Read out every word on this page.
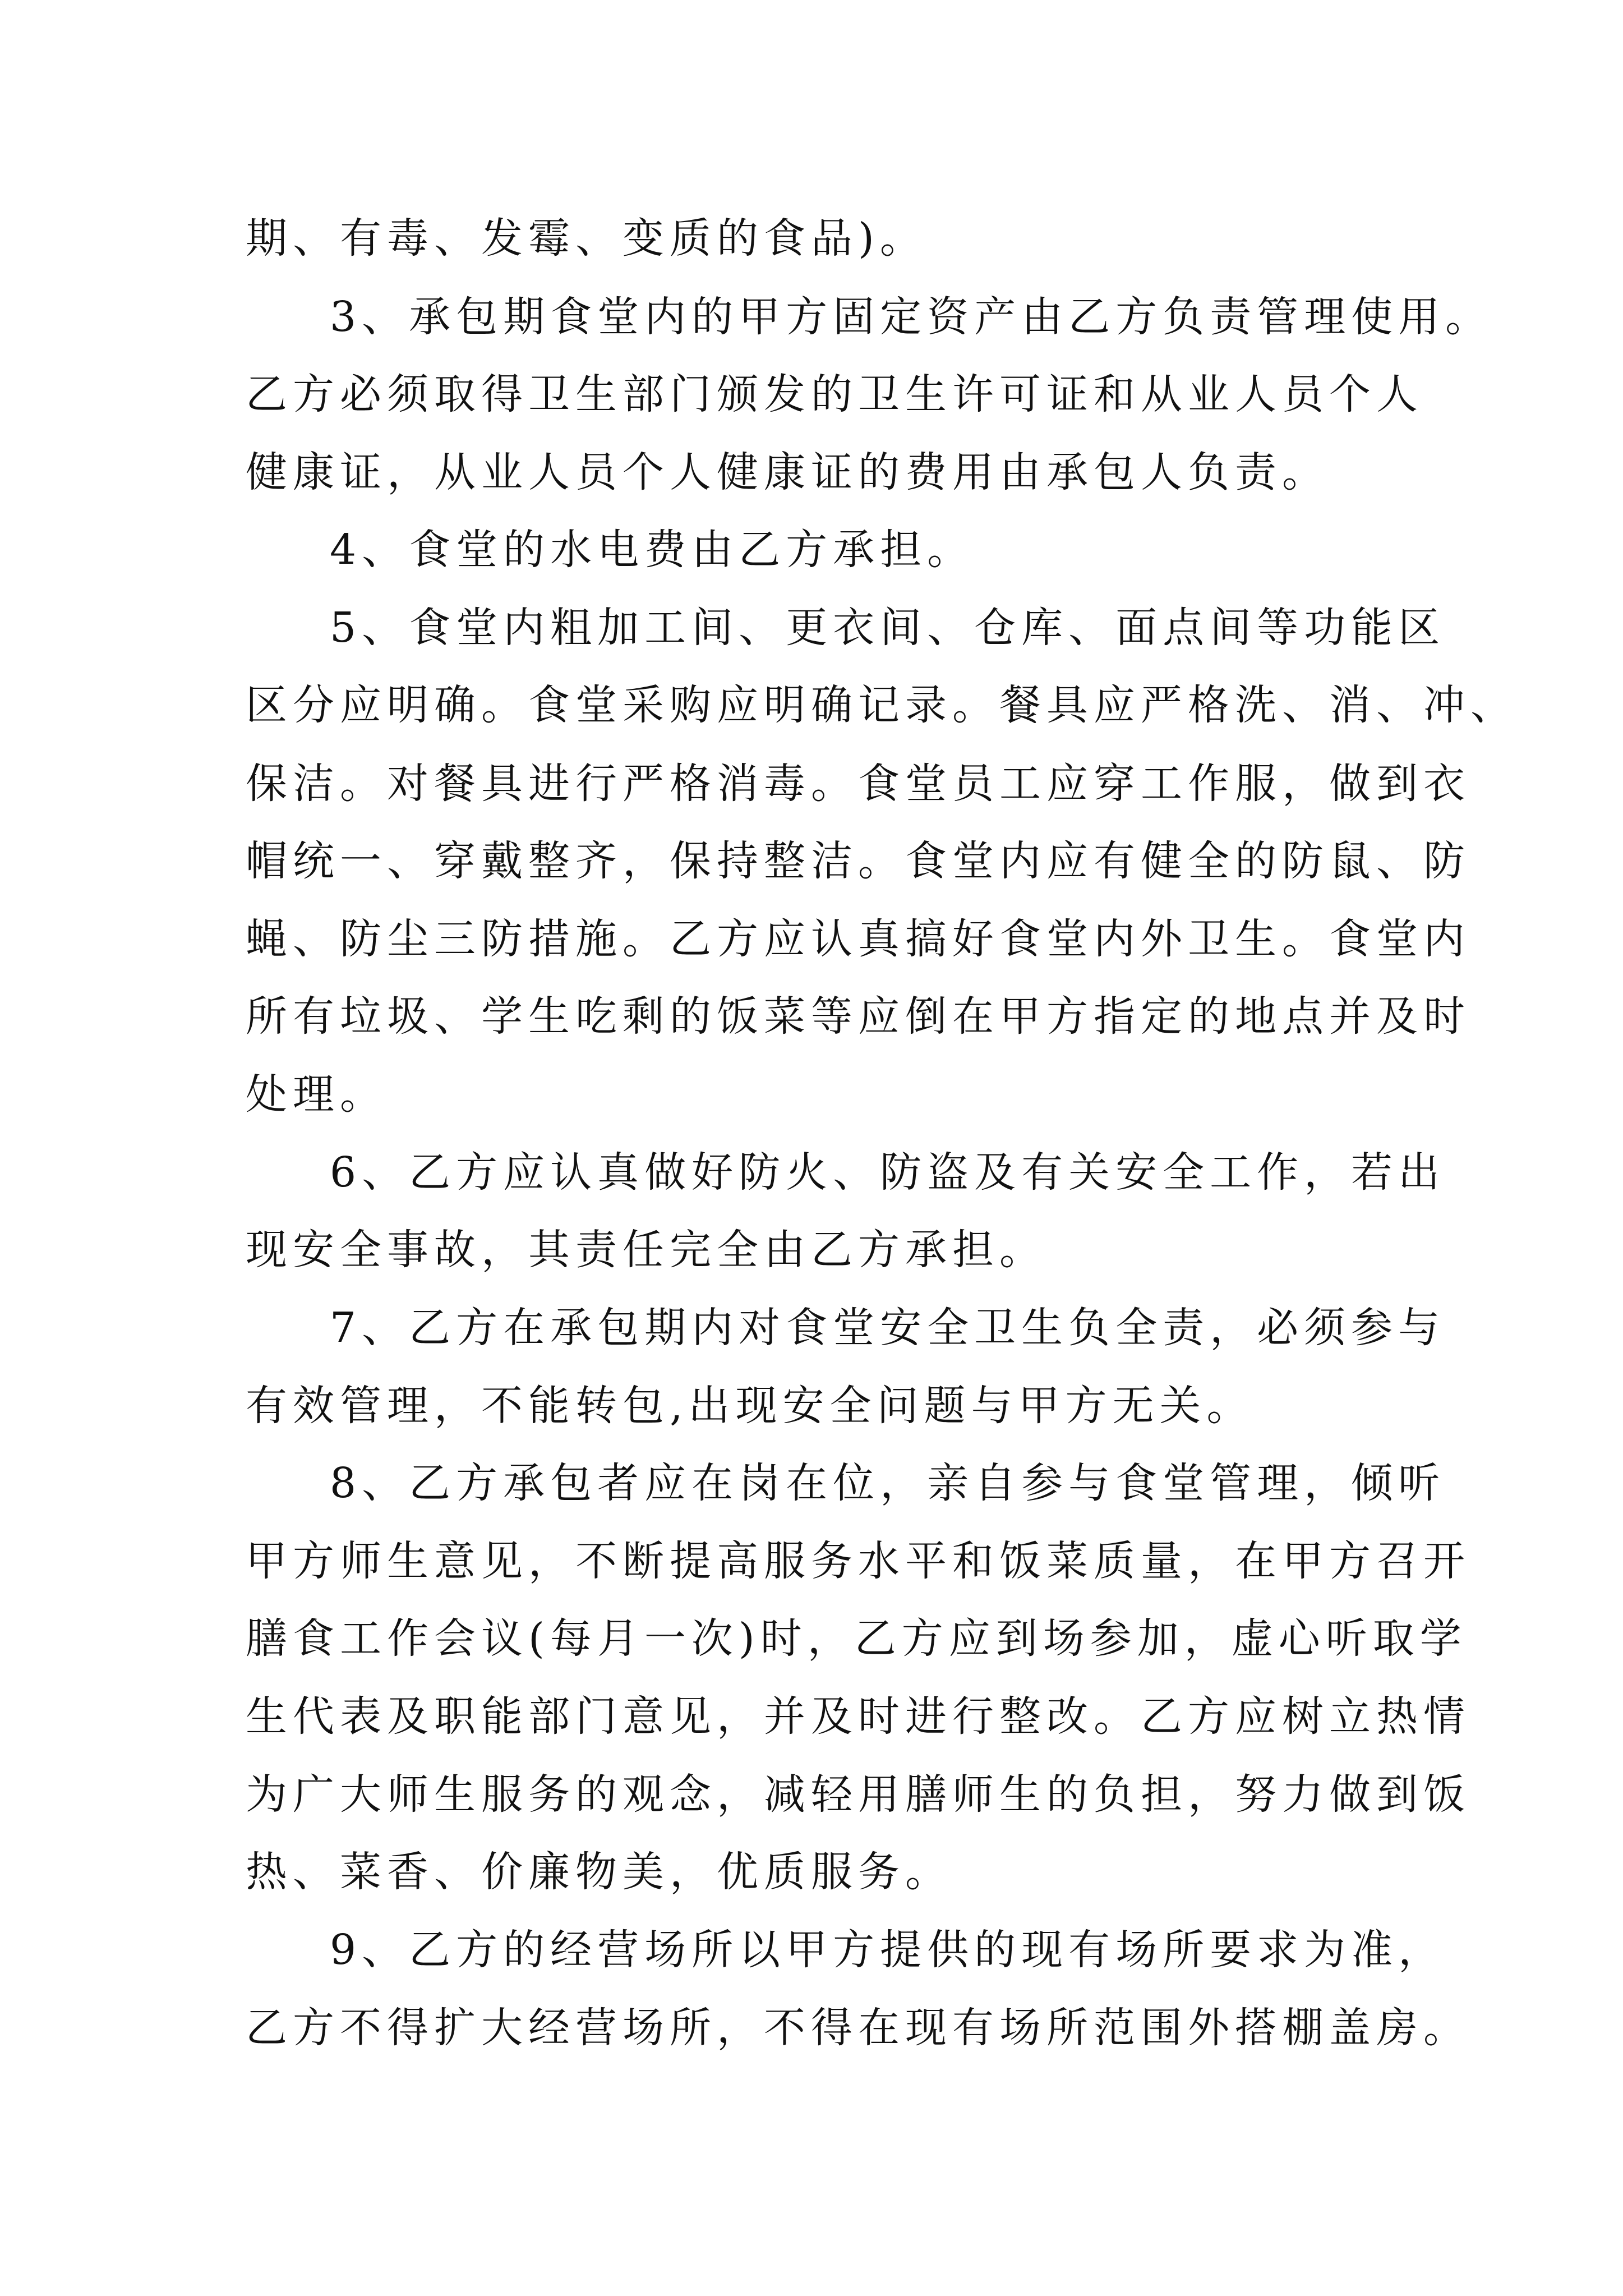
期、有毒、发霉、变质的食品)。
3、承包期食堂内的甲方固定资产由乙方负责管理使用。
乙方必须取得卫生部门颁发的卫生许可证和从业人员个人
健康证，从业人员个人健康证的费用由承包人负责。
4、食堂的水电费由乙方承担。
5、食堂内粗加工间、更衣间、仓库、面点间等功能区
区分应明确。食堂采购应明确记录。餐具应严格洗、消、冲、
保洁。对餐具进行严格消毒。食堂员工应穿工作服，做到衣
帽统一、穿戴整齐，保持整洁。食堂内应有健全的防鼠、防
蝇、防尘三防措施。乙方应认真搞好食堂内外卫生。食堂内
所有垃圾、学生吃剩的饭菜等应倒在甲方指定的地点并及时
处理。
6、乙方应认真做好防火、防盗及有关安全工作，若出
现安全事故，其责任完全由乙方承担。
7、乙方在承包期内对食堂安全卫生负全责，必须参与
有效管理，不能转包,出现安全问题与甲方无关。
8、乙方承包者应在岗在位，亲自参与食堂管理，倾听
甲方师生意见，不断提高服务水平和饭菜质量，在甲方召开
膳食工作会议(每月一次)时，乙方应到场参加，虚心听取学
生代表及职能部门意见，并及时进行整改。乙方应树立热情
为广大师生服务的观念，减轻用膳师生的负担，努力做到饭
热、菜香、价廉物美，优质服务。
9、乙方的经营场所以甲方提供的现有场所要求为准，
乙方不得扩大经营场所，不得在现有场所范围外搭棚盖房。
